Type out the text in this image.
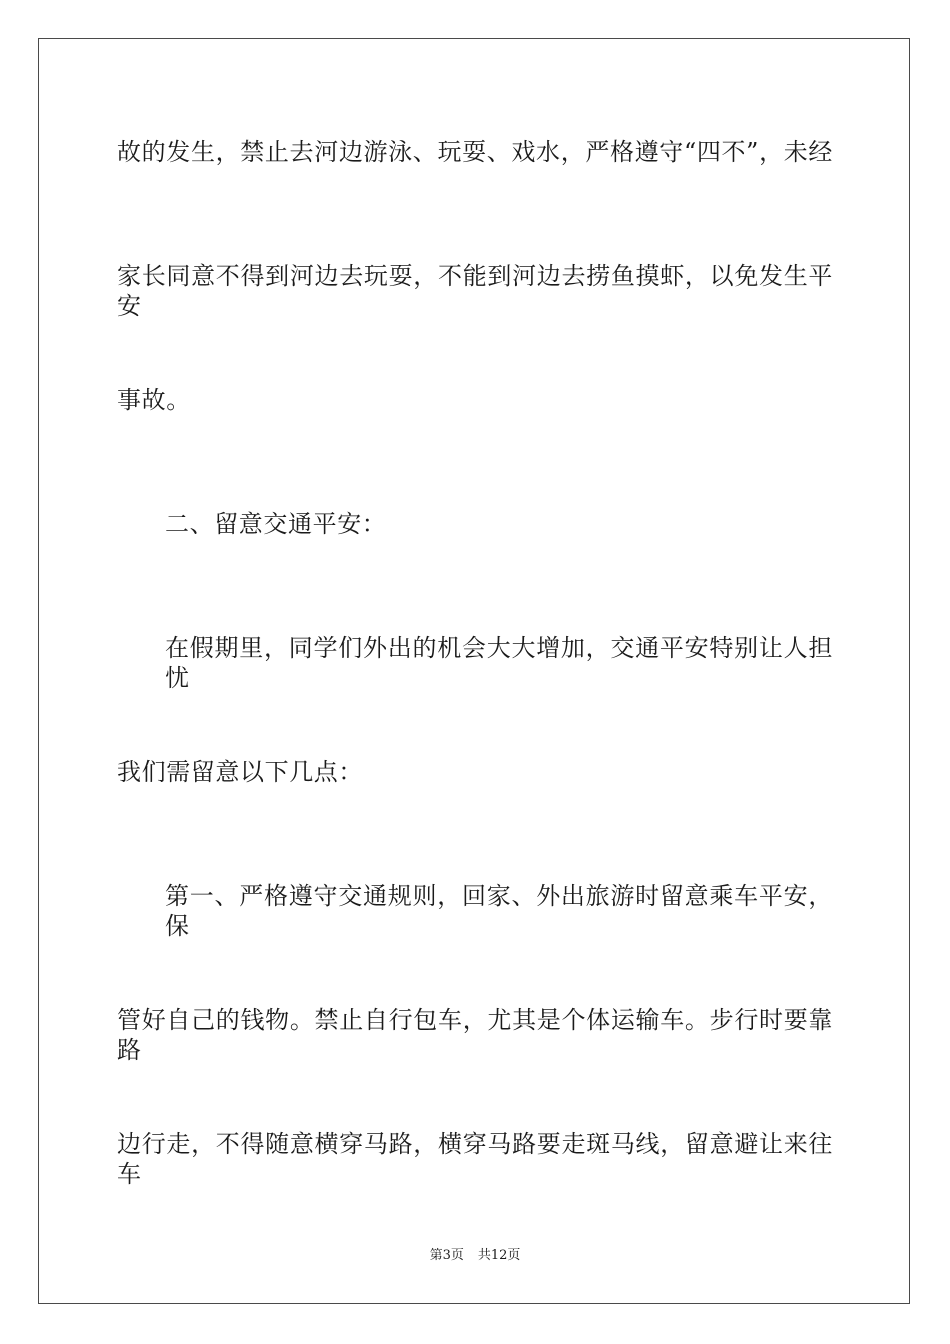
故的发生，禁止去河边游泳、玩耍、戏水，严格遵守“四不”，未经
家长同意不得到河边去玩耍，不能到河边去捞鱼摸虾，以免发生平安
事故。
二、留意交通平安：
在假期里，同学们外出的机会大大增加，交通平安特别让人担忧
我们需留意以下几点：
第一、严格遵守交通规则，回家、外出旅游时留意乘车平安，保
管好自己的钱物。禁止自行包车，尤其是个体运输车。步行时要靠路
边行走，不得随意横穿马路，横穿马路要走斑马线，留意避让来往车
第3页 共12页
